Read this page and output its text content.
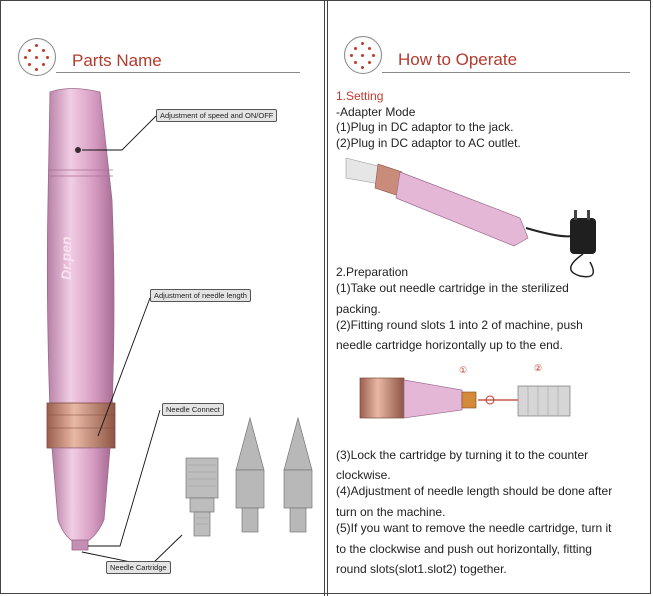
Parts Name
Dr.pen
Adjustment of speed and ON/OFF
Adjustment of needle length
Needle Connect
Needle Cartridge
How to Operate
1.Setting
-Adapter Mode
(1)Plug in DC adaptor to the jack.
(2)Plug in DC adaptor to AC outlet.
2.Preparation
(1)Take out needle cartridge in the sterilized
packing.
(2)Fitting round slots 1 into 2 of machine, push
needle cartridge horizontally up to the end.
①	②
(3)Lock the cartridge by turning it to the counter
clockwise.
(4)Adjustment of needle length should be done after
turn on the machine.
(5)If you want to remove the needle cartridge, turn it
to the clockwise and push out horizontally, fitting
round slots(slot1.slot2) together.
